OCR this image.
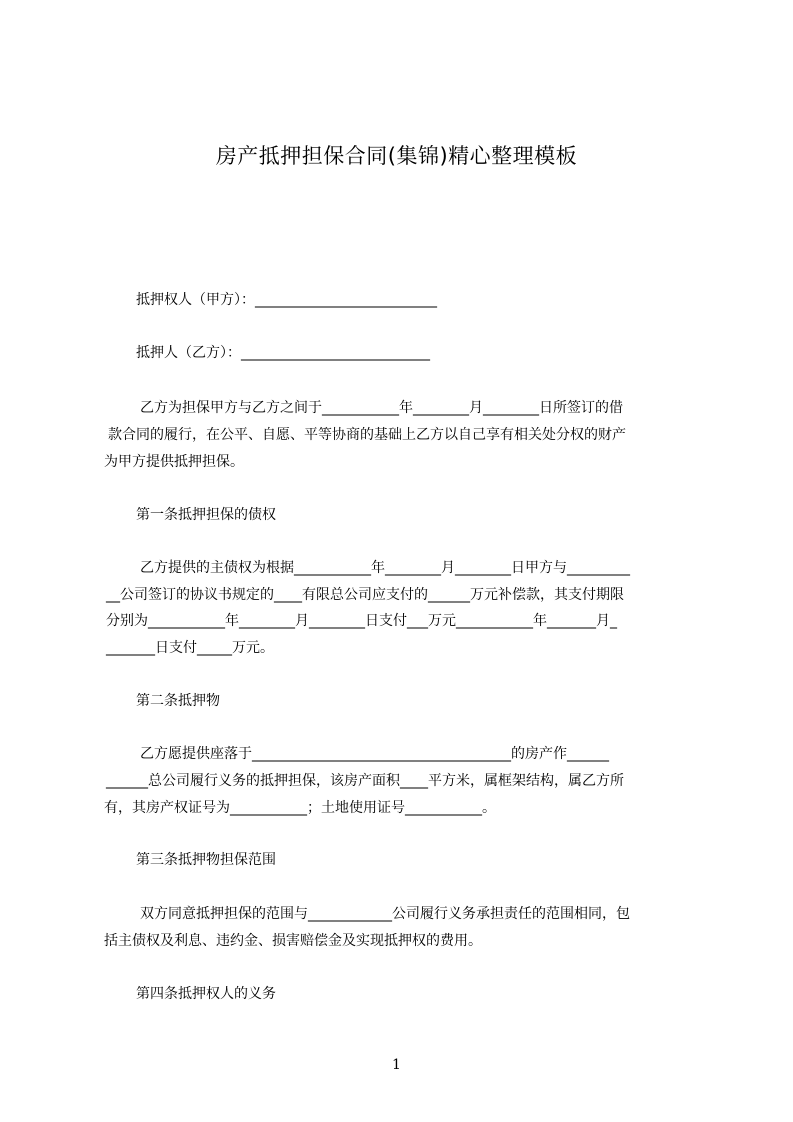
房产抵押担保合同(集锦)精心整理模板
抵押权人（甲方）：__________________________
抵押人（乙方）：___________________________
乙方为担保甲方与乙方之间于___________年________月________日所签订的借
款合同的履行，在公平、自愿、平等协商的基础上乙方以自己享有相关处分权的财产
为甲方提供抵押担保。
第一条抵押担保的债权
乙方提供的主债权为根据___________年________月________日甲方与_________
__公司签订的协议书规定的____有限总公司应支付的______万元补偿款，其支付期限
分别为___________年________月________日支付___万元___________年_______月_
_______日支付_____万元。
第二条抵押物
乙方愿提供座落于_____________________________________的房产作______
______总公司履行义务的抵押担保，该房产面积____平方米，属框架结构，属乙方所
有，其房产权证号为___________；土地使用证号___________。
第三条抵押物担保范围
双方同意抵押担保的范围与____________公司履行义务承担责任的范围相同，包
括主债权及利息、违约金、损害赔偿金及实现抵押权的费用。
第四条抵押权人的义务
1
